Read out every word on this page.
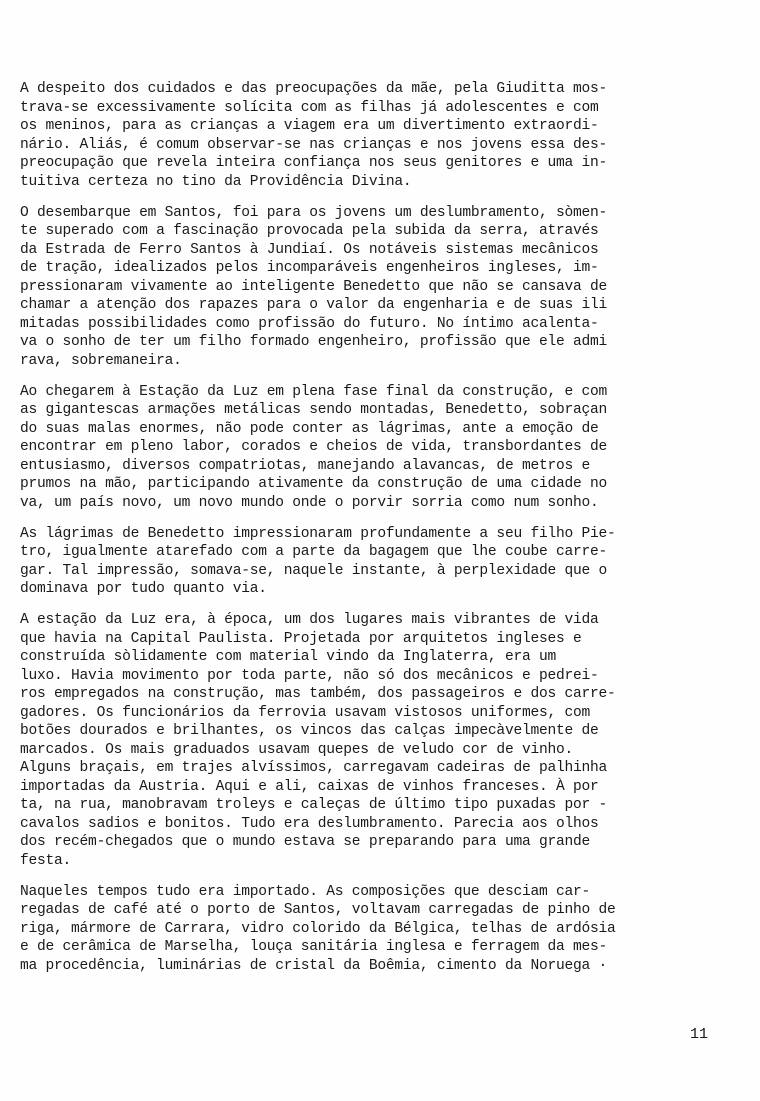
A despeito dos cuidados e das preocupações da mãe, pela Giuditta mos-
trava-se excessivamente solícita com as filhas já adolescentes e com
os meninos, para as crianças a viagem era um divertimento extraordi-
nário. Aliás, é comum observar-se nas crianças e nos jovens essa des-
preocupação que revela inteira confiança nos seus genitores e uma in-
tuitiva certeza no tino da Providência Divina.
O desembarque em Santos, foi para os jovens um deslumbramento, sòmen-
te superado com a fascinação provocada pela subida da serra, através
da Estrada de Ferro Santos à Jundiaí. Os notáveis sistemas mecânicos
de tração, idealizados pelos incomparáveis engenheiros ingleses, im-
pressionaram vivamente ao inteligente Benedetto que não se cansava de
chamar a atenção dos rapazes para o valor da engenharia e de suas ili
mitadas possibilidades como profissão do futuro. No íntimo acalenta-
va o sonho de ter um filho formado engenheiro, profissão que ele admi
rava, sobremaneira.
Ao chegarem à Estação da Luz em plena fase final da construção, e com
as gigantescas armações metálicas sendo montadas, Benedetto, sobraçan
do suas malas enormes, não pode conter as lágrimas, ante a emoção de
encontrar em pleno labor, corados e cheios de vida, transbordantes de
entusiasmo, diversos compatriotas, manejando alavancas, de metros e
prumos na mão, participando ativamente da construção de uma cidade no
va, um país novo, um novo mundo onde o porvir sorria como num sonho.
As lágrimas de Benedetto impressionaram profundamente a seu filho Pie-
tro, igualmente atarefado com a parte da bagagem que lhe coube carre-
gar. Tal impressão, somava-se, naquele instante, à perplexidade que o
dominava por tudo quanto via.
A estação da Luz era, à época, um dos lugares mais vibrantes de vida
que havia na Capital Paulista. Projetada por arquitetos ingleses e
construída sòlidamente com material vindo da Inglaterra, era um
luxo. Havia movimento por toda parte, não só dos mecânicos e pedrei-
ros empregados na construção, mas também, dos passageiros e dos carre-
gadores. Os funcionários da ferrovia usavam vistosos uniformes, com
botões dourados e brilhantes, os vincos das calças impecàvelmente de
marcados. Os mais graduados usavam quepes de veludo cor de vinho.
Alguns braçais, em trajes alvíssimos, carregavam cadeiras de palhinha
importadas da Austria. Aqui e ali, caixas de vinhos franceses. À por
ta, na rua, manobravam troleys e caleças de último tipo puxadas por -
cavalos sadios e bonitos. Tudo era deslumbramento. Parecia aos olhos
dos recém-chegados que o mundo estava se preparando para uma grande
festa.
Naqueles tempos tudo era importado. As composições que desciam car-
regadas de café até o porto de Santos, voltavam carregadas de pinho de
riga, mármore de Carrara, vidro colorido da Bélgica, telhas de ardósia
e de cerâmica de Marselha, louça sanitária inglesa e ferragem da mes-
ma procedência, luminárias de cristal da Boêmia, cimento da Noruega ·
11
